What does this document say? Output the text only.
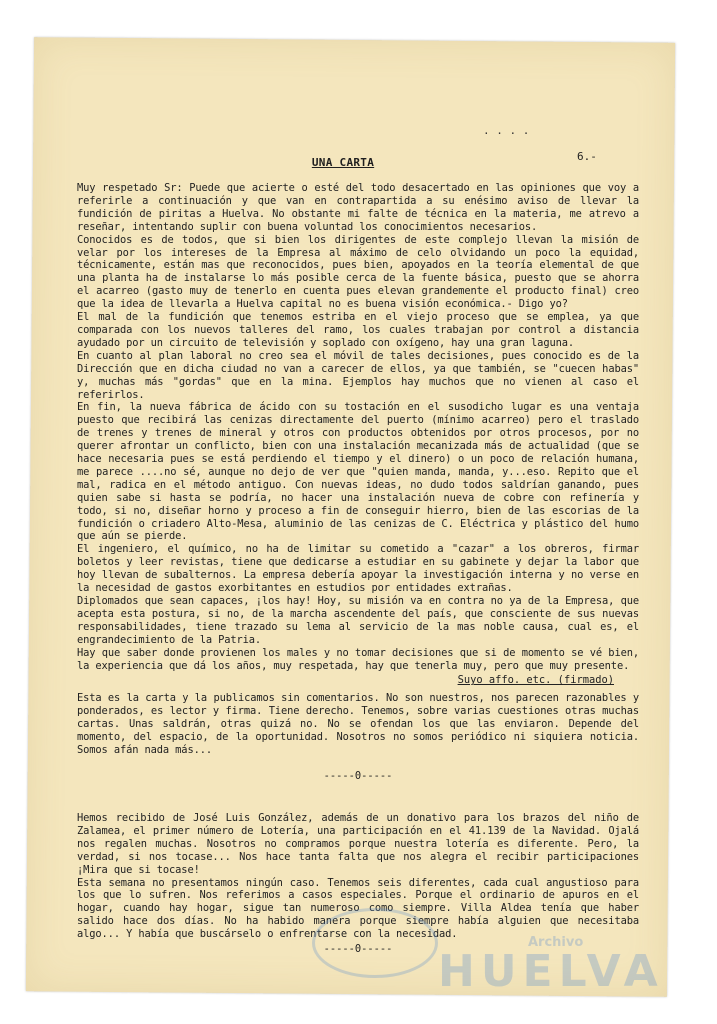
. . . .
6.-
UNA CARTA

Muy respetado Sr: Puede que acierte o esté del todo desacertado en las opiniones que voy a referirle a continuación y que van en contrapartida a su enésimo aviso de llevar la fundición de piritas a Huelva. No obstante mi falte de técnica en la materia, me atrevo a reseñar, intentando suplir con buena voluntad los conocimientos necesarios.

Conocidos es de todos, que si bien los dirigentes de este complejo llevan la misión de velar por los intereses de la Empresa al máximo de celo olvidando un poco la equidad, técnicamente, están mas que reconocidos, pues bien, apoyados en la teoría elemental de que una planta ha de instalarse lo más posible cerca de la fuente básica, puesto que se ahorra el acarreo (gasto muy de tenerlo en cuenta pues elevan grandemente el producto final) creo que la idea de llevarla a Huelva capital no es buena visión económica.- Digo yo?

El mal de la fundición que tenemos estriba en el viejo proceso que se emplea, ya que comparada con los nuevos talleres del ramo, los cuales trabajan por control a distancia ayudado por un circuito de televisión y soplado con oxígeno, hay una gran laguna.

En cuanto al plan laboral no creo sea el móvil de tales decisiones, pues conocido es de la Dirección que en dicha ciudad no van a carecer de ellos, ya que también, se "cuecen habas" y, muchas más "gordas" que en la mina. Ejemplos hay muchos que no vienen al caso el referirlos.

En fin, la nueva fábrica de ácido con su tostación en el susodicho lugar es una ventaja puesto que recibirá las cenizas directamente del puerto (mínimo acarreo) pero el traslado de trenes y trenes de mineral y otros con productos obtenidos por otros procesos, por no querer afrontar un conflicto, bien con una instalación mecanizada más de actualidad (que se hace necesaria pues se está perdiendo el tiempo y el dinero) o un poco de relación humana, me parece ....no sé, aunque no dejo de ver que "quien manda, manda, y...eso. Repito que el mal, radica en el método antiguo. Con nuevas ideas, no dudo todos saldrían ganando, pues quien sabe si hasta se podría, no hacer una instalación nueva de cobre con refinería y todo, si no, diseñar horno y proceso a fin de conseguir hierro, bien de las escorias de la fundición o criadero Alto-Mesa, aluminio de las cenizas de C. Eléctrica y plástico del humo que aún se pierde.

El ingeniero, el químico, no ha de limitar su cometido a "cazar" a los obreros, firmar boletos y leer revistas, tiene que dedicarse a estudiar en su gabinete y dejar la labor que hoy llevan de subalternos. La empresa debería apoyar la investigación interna y no verse en la necesidad de gastos exorbitantes en estudios por entidades extrañas.

Diplomados que sean capaces, ¡los hay! Hoy, su misión va en contra no ya de la Empresa, que acepta esta postura, si no, de la marcha ascendente del país, que consciente de sus nuevas responsabilidades, tiene trazado su lema al servicio de la mas noble causa, cual es, el engrandecimiento de la Patria.

Hay que saber donde provienen los males y no tomar decisiones que si de momento se vé bien, la experiencia que dá los años, muy respetada, hay que tenerla muy, pero que muy presente.

Suyo affo. etc. (firmado)

Esta es la carta y la publicamos sin comentarios. No son nuestros, nos parecen razonables y ponderados, es lector y firma. Tiene derecho. Tenemos, sobre varias cuestiones otras muchas cartas. Unas saldrán, otras quizá no. No se ofendan los que las enviaron. Depende del momento, del espacio, de la oportunidad. Nosotros no somos periódico ni siquiera noticia. Somos afán nada más...

-----0-----

Hemos recibido de José Luis González, además de un donativo para los brazos del niño de Zalamea, el primer número de Lotería, una participación en el 41.139 de la Navidad. Ojalá nos regalen muchas. Nosotros no compramos porque nuestra lotería es diferente. Pero, la verdad, si nos tocase... Nos hace tanta falta que nos alegra el recibir participaciones ¡Mira que si tocase!

Esta semana no presentamos ningún caso. Tenemos seis diferentes, cada cual angustioso para los que lo sufren. Nos referimos a casos especiales. Porque el ordinario de apuros en el hogar, cuando hay hogar, sigue tan numeroso como siempre. Villa Aldea tenía que haber salido hace dos días. No ha habido manera porque siempre había alguien que necesitaba algo... Y había que buscárselo o enfrentarse con la necesidad.

-----0-----	Archivo
HUELVA
